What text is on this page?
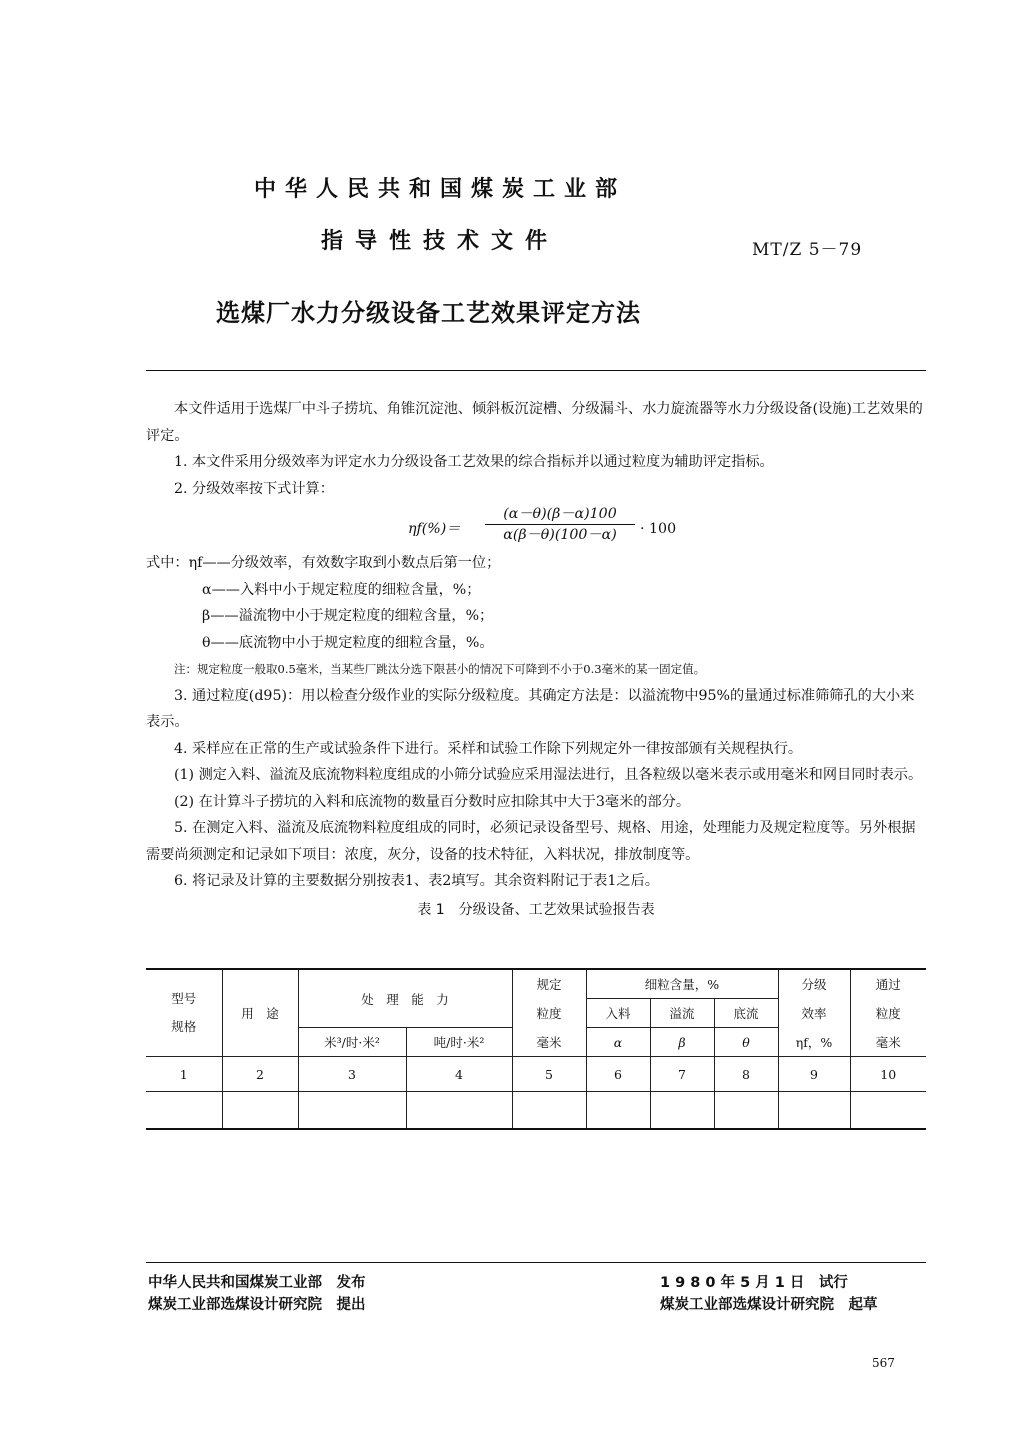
中华人民共和国煤炭工业部
指导性技术文件	MT/Z 5－79
选煤厂水力分级设备工艺效果评定方法

本文件适用于选煤厂中斗子捞坑、角锥沉淀池、倾斜板沉淀槽、分级漏斗、水力旋流器等水力分级设备(设施)工艺效果的评定。

1. 本文件采用分级效率为评定水力分级设备工艺效果的综合指标并以通过粒度为辅助评定指标。

2. 分级效率按下式计算：

$\eta f(\%)= \frac{(\alpha-\theta)(\beta-\alpha)100}{\alpha(\beta-\theta)(100-\alpha)} \cdot 100$

式中：ηf——分级效率，有效数字取到小数点后第一位；

α——入料中小于规定粒度的细粒含量，%；

β——溢流物中小于规定粒度的细粒含量，%；

θ——底流物中小于规定粒度的细粒含量，%。

注：规定粒度一般取0.5毫米，当某些厂跳汰分选下限甚小的情况下可降到不小于0.3毫米的某一固定值。

3. 通过粒度(d95)：用以检查分级作业的实际分级粒度。其确定方法是：以溢流物中95%的量通过标准筛筛孔的大小来表示。

4. 采样应在正常的生产或试验条件下进行。采样和试验工作除下列规定外一律按部颁有关规程执行。

(1) 测定入料、溢流及底流物料粒度组成的小筛分试验应采用湿法进行，且各粒级以毫米表示或用毫米和网目同时表示。

(2) 在计算斗子捞坑的入料和底流物的数量百分数时应扣除其中大于3毫米的部分。

5. 在测定入料、溢流及底流物料粒度组成的同时，必须记录设备型号、规格、用途，处理能力及规定粒度等。另外根据需要尚须测定和记录如下项目：浓度，灰分，设备的技术特征，入料状况，排放制度等。

6. 将记录及计算的主要数据分别按表1、表2填写。其余资料附记于表1之后。

表 1　分级设备、工艺效果试验报告表
型号
规格	用　途	处　理　能　力		规定	细粒含量，%			分级	通过
				粒度	入料	溢流	底流	效率	粒度
		米³/时·米²	吨/时·米²	毫米	α	β	θ	ηf，%	毫米
1	2	3	4	5	6	7	8	9	10

中华人民共和国煤炭工业部　发布
煤炭工业部选煤设计研究院　提出
1 9 8 0 年 5 月 1 日　试行
煤炭工业部选煤设计研究院　起草
567
